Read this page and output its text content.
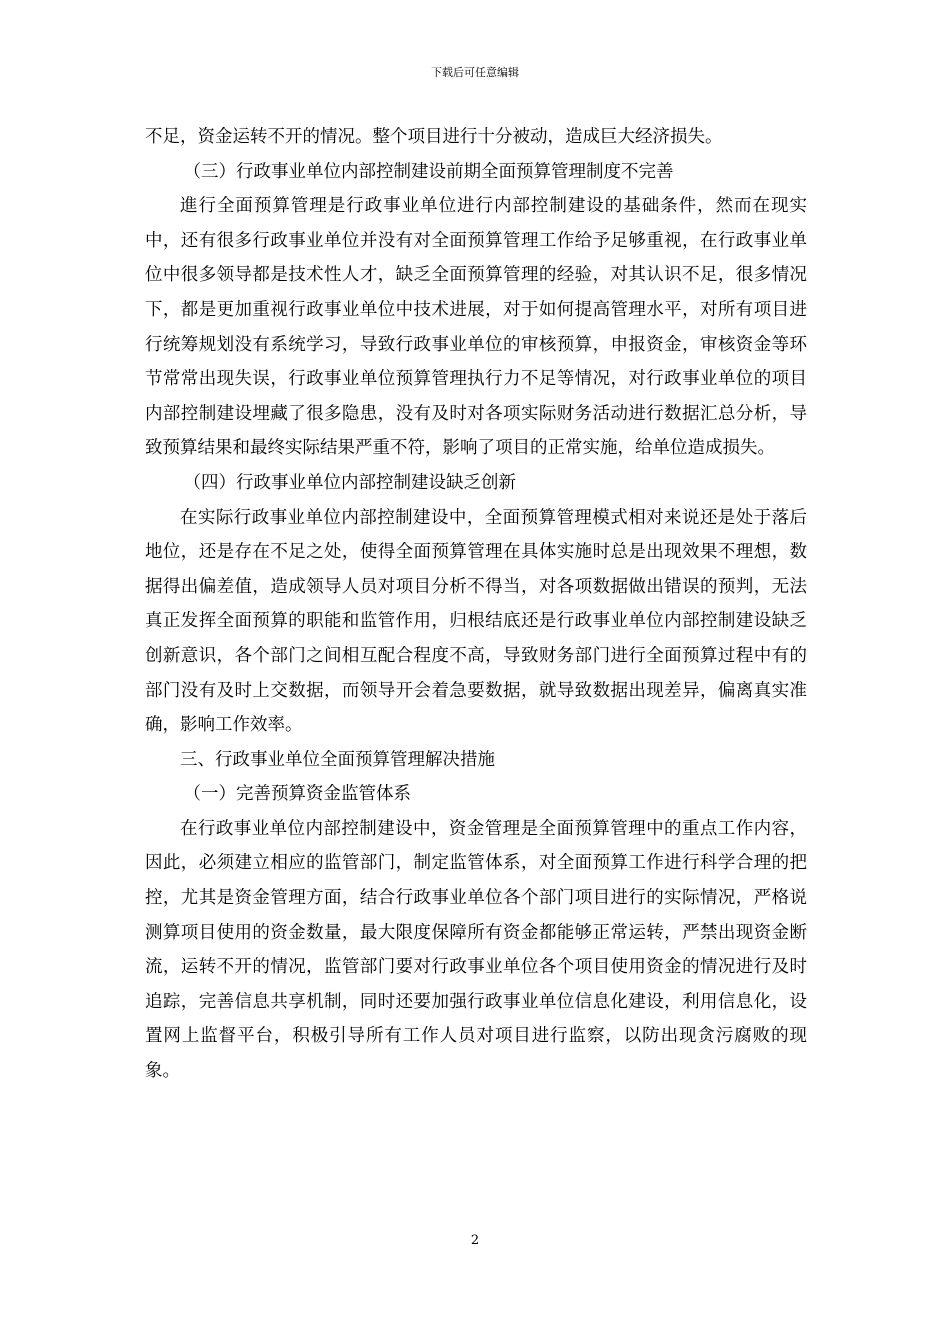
下载后可任意编辑

不足，资金运转不开的情况。整个项目进行十分被动，造成巨大经济损失。

（三）行政事业单位内部控制建设前期全面预算管理制度不完善

進行全面预算管理是行政事业单位进行内部控制建设的基础条件，然而在现实中，还有很多行政事业单位并没有对全面预算管理工作给予足够重视，在行政事业单位中很多领导都是技术性人才，缺乏全面预算管理的经验，对其认识不足，很多情况下，都是更加重视行政事业单位中技术进展，对于如何提高管理水平，对所有项目进行统筹规划没有系统学习，导致行政事业单位的审核预算，申报资金，审核资金等环节常常出现失误，行政事业单位预算管理执行力不足等情况，对行政事业单位的项目内部控制建设埋藏了很多隐患，没有及时对各项实际财务活动进行数据汇总分析，导致预算结果和最终实际结果严重不符，影响了项目的正常实施，给单位造成损失。

（四）行政事业单位内部控制建设缺乏创新

在实际行政事业单位内部控制建设中，全面预算管理模式相对来说还是处于落后地位，还是存在不足之处，使得全面预算管理在具体实施时总是出现效果不理想，数据得出偏差值，造成领导人员对项目分析不得当，对各项数据做出错误的预判，无法真正发挥全面预算的职能和监管作用，归根结底还是行政事业单位内部控制建设缺乏创新意识，各个部门之间相互配合程度不高，导致财务部门进行全面预算过程中有的部门没有及时上交数据，而领导开会着急要数据，就导致数据出现差异，偏离真实准确，影响工作效率。

三、行政事业单位全面预算管理解决措施

（一）完善预算资金监管体系

在行政事业单位内部控制建设中，资金管理是全面预算管理中的重点工作内容，因此，必须建立相应的监管部门，制定监管体系，对全面预算工作进行科学合理的把控，尤其是资金管理方面，结合行政事业单位各个部门项目进行的实际情况，严格说测算项目使用的资金数量，最大限度保障所有资金都能够正常运转，严禁出现资金断流，运转不开的情况，监管部门要对行政事业单位各个项目使用资金的情况进行及时追踪，完善信息共享机制，同时还要加强行政事业单位信息化建设，利用信息化，设置网上监督平台，积极引导所有工作人员对项目进行监察，以防出现贪污腐败的现象。

2
